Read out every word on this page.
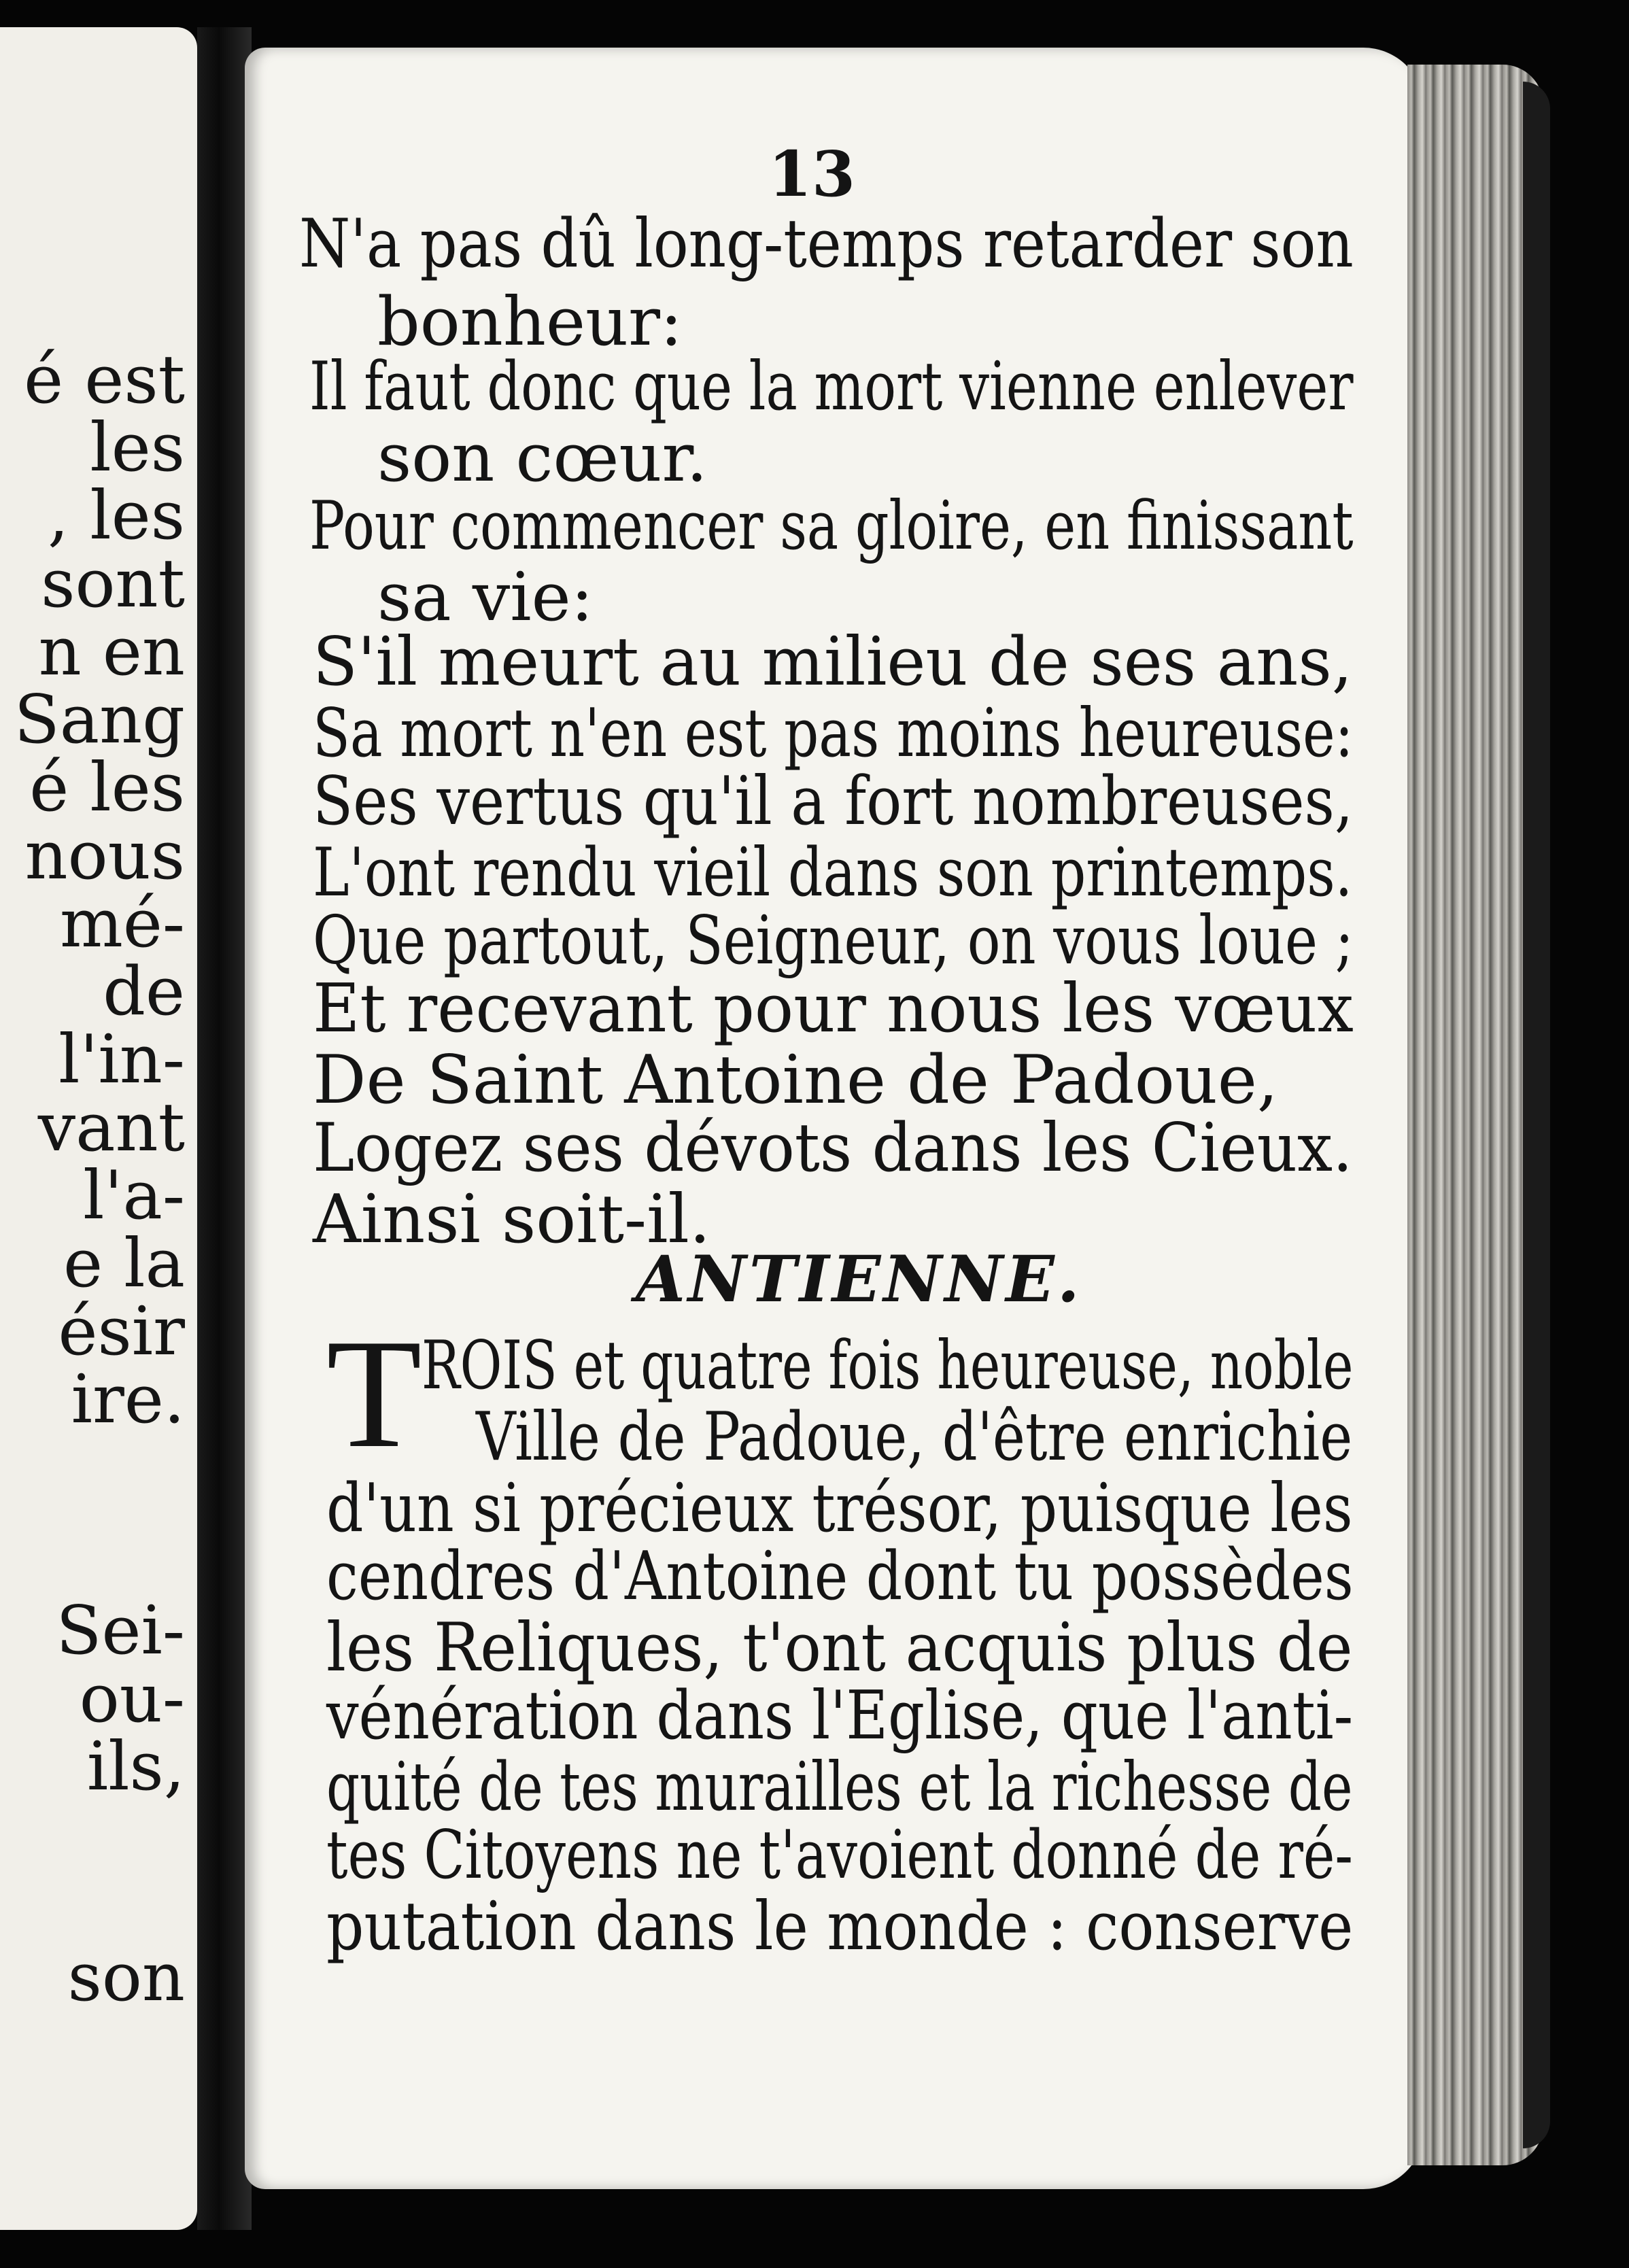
é est
les
, les
sont
n en
Sang
é les
nous
mé-
de
l'in-
vant
l'a-
e la
ésir
ire.
Sei-
ou-
ils,
son
13
N'a pas dû long-temps retarder son
bonheur:
Il faut donc que la mort vienne enlever
son cœur.
Pour commencer sa gloire, en finissant
sa vie:
S'il meurt au milieu de ses ans,
Sa mort n'en est pas moins heureuse:
Ses vertus qu'il a fort nombreuses,
L'ont rendu vieil dans son printemps.
Que partout, Seigneur, on vous loue ;
Et recevant pour nous les vœux
De Saint Antoine de Padoue,
Logez ses dévots dans les Cieux.
Ainsi soit-il.
ANTIENNE.
T ROIS et quatre fois heureuse, noble
Ville de Padoue, d'être enrichie
d'un si précieux trésor, puisque les
cendres d'Antoine dont tu possèdes
les Reliques, t'ont acquis plus de
vénération dans l'Eglise, que l'anti-
quité de tes murailles et la richesse de
tes Citoyens ne t'avoient donné de ré-
putation dans le monde : conserve
